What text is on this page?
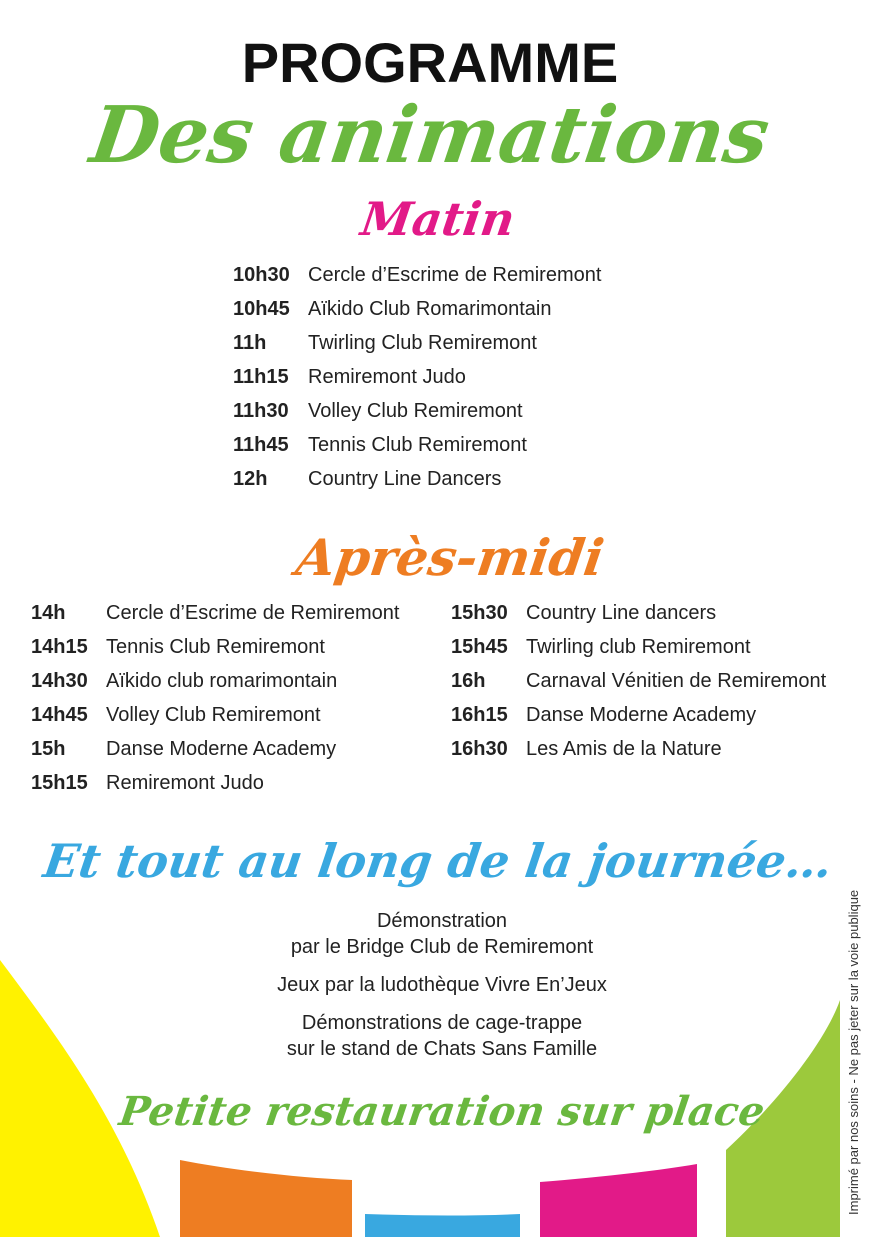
PROGRAMME
Des animations
Matin
10h30 Cercle d’Escrime de Remiremont
10h45 Aïkido Club Romarimontain
11h Twirling Club Remiremont
11h15 Remiremont Judo
11h30 Volley Club Remiremont
11h45 Tennis Club Remiremont
12h Country Line Dancers
Après-midi
14h Cercle d’Escrime de Remiremont
14h15 Tennis Club Remiremont
14h30 Aïkido club romarimontain
14h45 Volley Club Remiremont
15h Danse Moderne Academy
15h15 Remiremont Judo
15h30 Country Line dancers
15h45 Twirling club Remiremont
16h Carnaval Vénitien de Remiremont
16h15 Danse Moderne Academy
16h30 Les Amis de la Nature
Et tout au long de la journée…
Démonstration
par le Bridge Club de Remiremont
Jeux par la ludothèque Vivre En’Jeux
Démonstrations de cage-trappe
sur le stand de Chats Sans Famille
Petite restauration sur place	Imprimé par nos soins - Ne pas jeter sur la voie publique
